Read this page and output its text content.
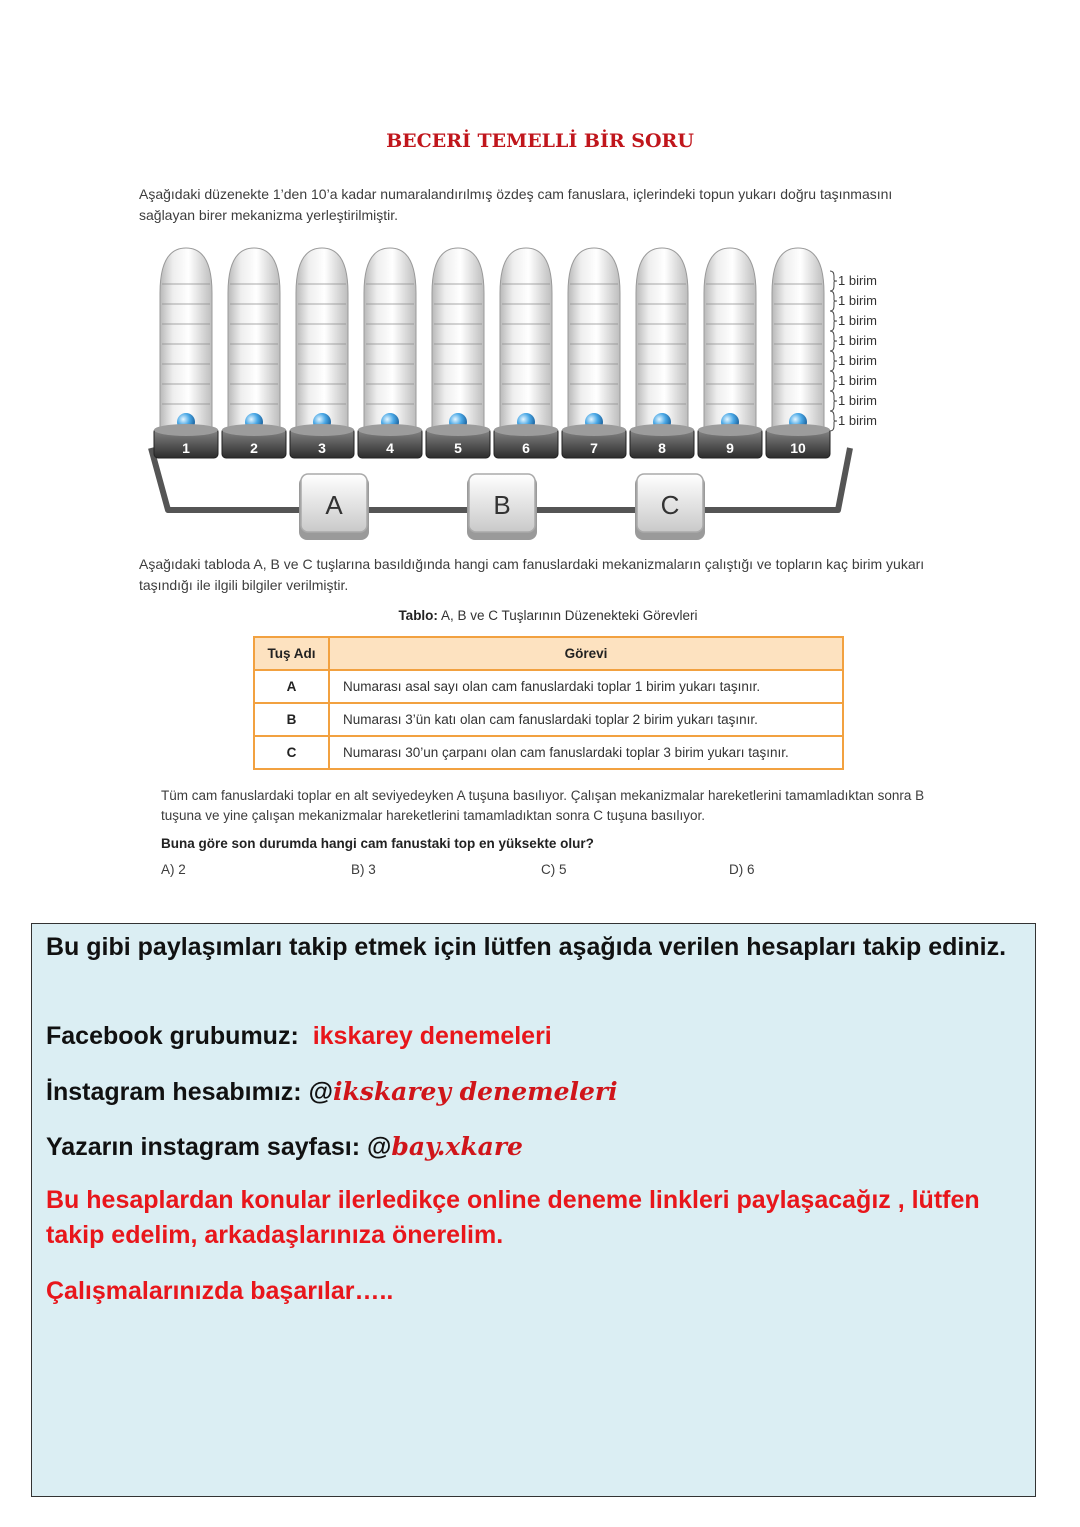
BECERİ TEMELLİ BİR SORU
Aşağıdaki düzenekte 1’den 10’a kadar numaralandırılmış özdeş cam fanuslara, içlerindeki topun yukarı doğru taşınmasını sağlayan birer mekanizma yerleştirilmiştir.
1	2	3	4	5	6	7	8	9	10
1 birim
1 birim
1 birim
1 birim
1 birim
1 birim
1 birim
1 birim
A	B	C
Aşağıdaki tabloda A, B ve C tuşlarına basıldığında hangi cam fanuslardaki mekanizmaların çalıştığı ve topların kaç birim yukarı taşındığı ile ilgili bilgiler verilmiştir.
Tablo: A, B ve C Tuşlarının Düzenekteki Görevleri
Tuş Adı	Görevi
A	Numarası asal sayı olan cam fanuslardaki toplar 1 birim yukarı taşınır.
B	Numarası 3’ün katı olan cam fanuslardaki toplar 2 birim yukarı taşınır.
C	Numarası 30’un çarpanı olan cam fanuslardaki toplar 3 birim yukarı taşınır.
Tüm cam fanuslardaki toplar en alt seviyedeyken A tuşuna basılıyor. Çalışan mekanizmalar hareketlerini tamamladıktan sonra B tuşuna ve yine çalışan mekanizmalar hareketlerini tamamladıktan sonra C tuşuna basılıyor.
Buna göre son durumda hangi cam fanustaki top en yüksekte olur?
A) 2	B) 3	C) 5	D) 6
Bu gibi paylaşımları takip etmek için lütfen aşağıda verilen hesapları takip ediniz.
Facebook grubumuz: ikskarey denemeleri
İnstagram hesabımız: @ikskarey denemeleri
Yazarın instagram sayfası: @bay.xkare
Bu hesaplardan konular ilerledikçe online deneme linkleri paylaşacağız , lütfen takip edelim, arkadaşlarınıza önerelim.
Çalışmalarınızda başarılar…..
